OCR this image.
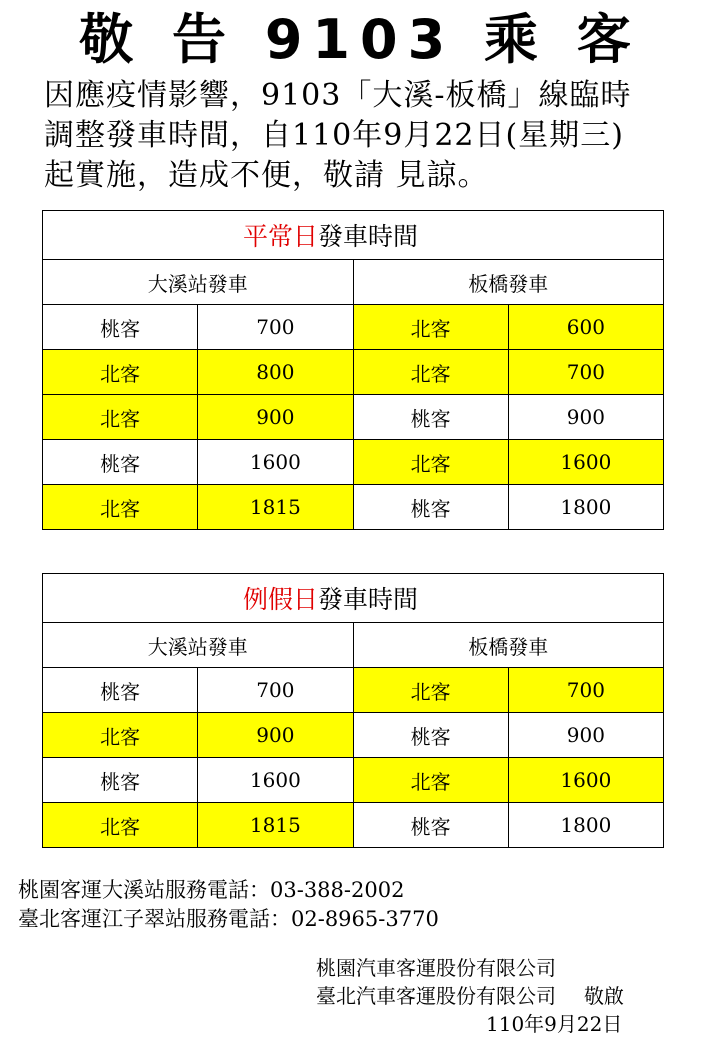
敬 告 9103 乘 客
因應疫情影響，9103「大溪-板橋」線臨時
調整發車時間，自110年9月22日(星期三)
起實施，造成不便，敬請 見諒。
平常日發車時間			
大溪站發車		板橋發車	
桃客	700	北客	600
北客	800	北客	700
北客	900	桃客	900
桃客	1600	北客	1600
北客	1815	桃客	1800
例假日發車時間			
大溪站發車		板橋發車	
桃客	700	北客	700
北客	900	桃客	900
桃客	1600	北客	1600
北客	1815	桃客	1800
桃園客運大溪站服務電話：03-388-2002
臺北客運江子翠站服務電話：02-8965-3770
桃園汽車客運股份有限公司
臺北汽車客運股份有限公司 敬啟
110年9月22日
